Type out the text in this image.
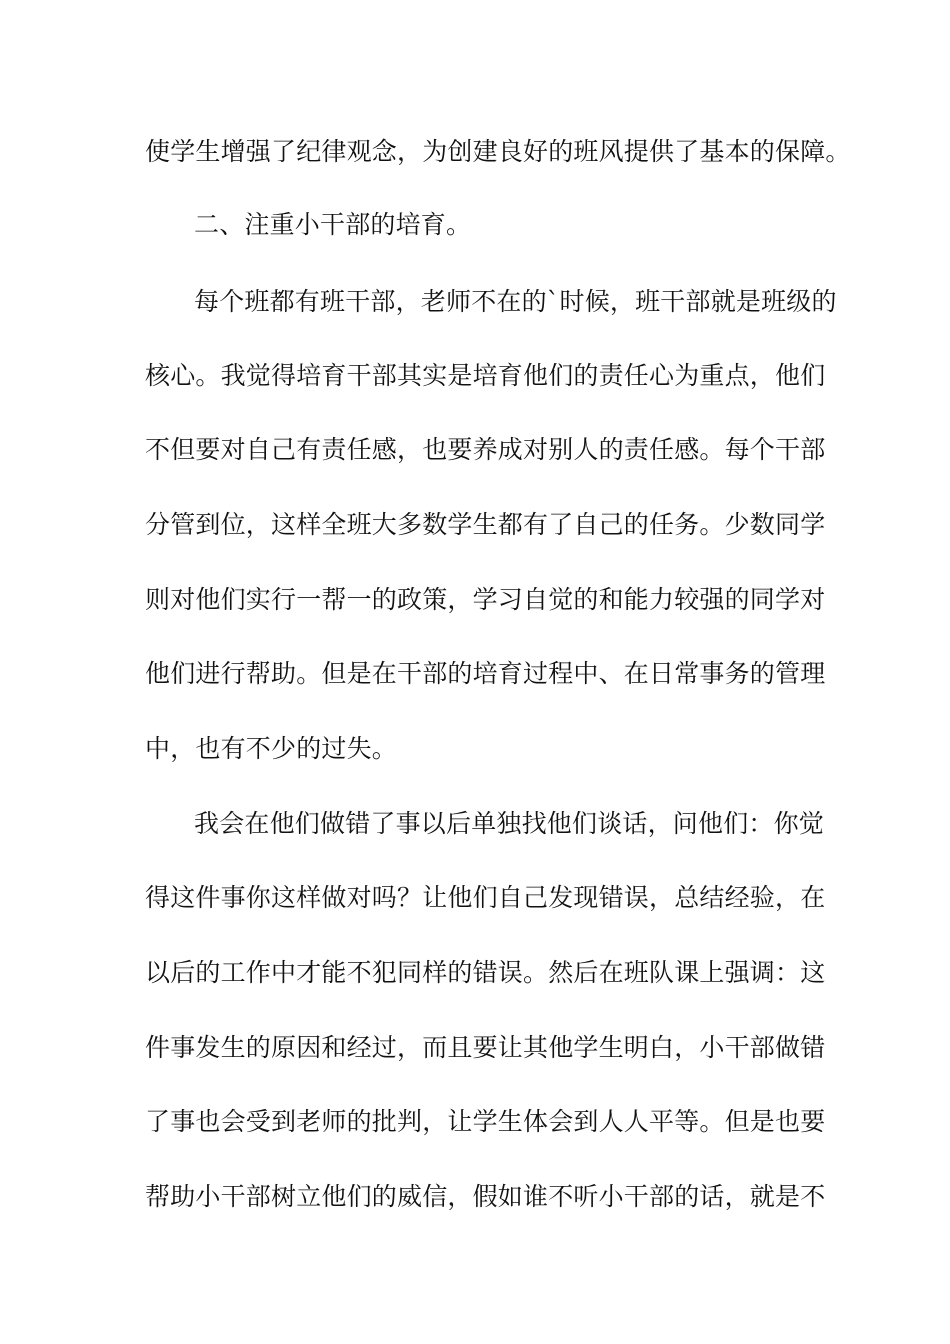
使学生增强了纪律观念，为创建良好的班风提供了基本的保障。
二、注重小干部的培育。
每个班都有班干部，老师不在的`时候，班干部就是班级的
核心。我觉得培育干部其实是培育他们的责任心为重点，他们
不但要对自己有责任感，也要养成对别人的责任感。每个干部
分管到位，这样全班大多数学生都有了自己的任务。少数同学
则对他们实行一帮一的政策，学习自觉的和能力较强的同学对
他们进行帮助。但是在干部的培育过程中、在日常事务的管理
中，也有不少的过失。
我会在他们做错了事以后单独找他们谈话，问他们：你觉
得这件事你这样做对吗？让他们自己发现错误，总结经验，在
以后的工作中才能不犯同样的错误。然后在班队课上强调：这
件事发生的原因和经过，而且要让其他学生明白，小干部做错
了事也会受到老师的批判，让学生体会到人人平等。但是也要
帮助小干部树立他们的威信，假如谁不听小干部的话，就是不
